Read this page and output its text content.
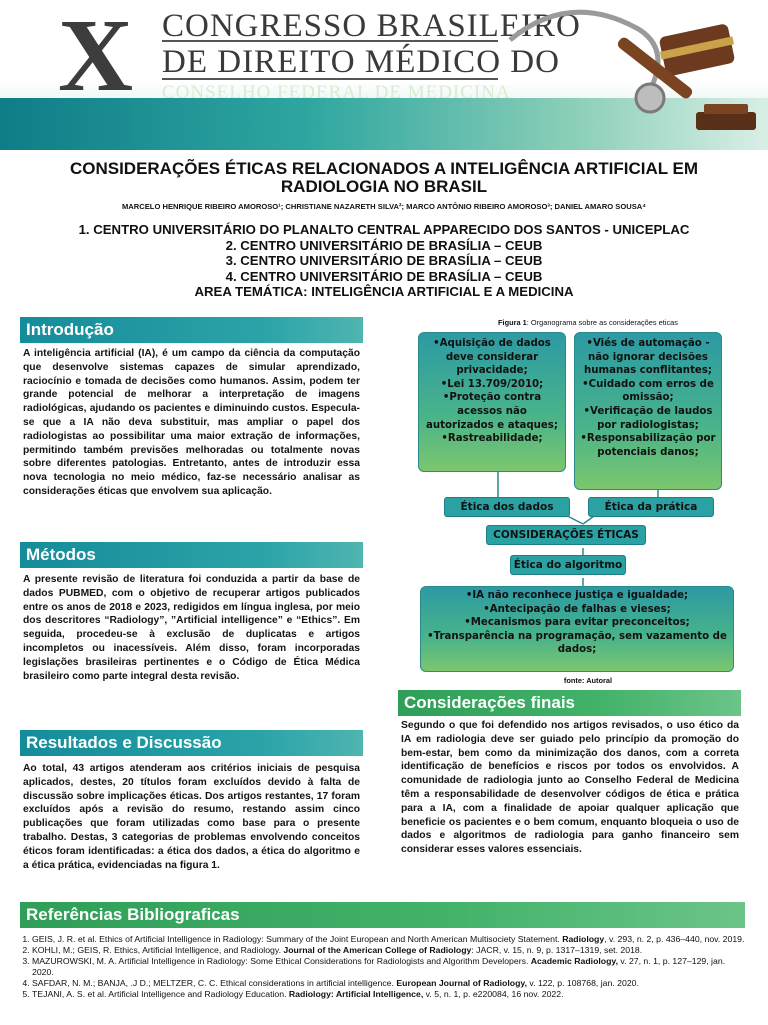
X CONGRESSO BRASILEIRO
DE DIREITO MÉDICO DO
CONSELHO FEDERAL DE MEDICINA
CONSIDERAÇÕES ÉTICAS RELACIONADOS A INTELIGÊNCIA ARTIFICIAL EM RADIOLOGIA NO BRASIL
MARCELO HENRIQUE RIBEIRO AMOROSO¹; CHRISTIANE NAZARETH SILVA²; MARCO ANTÔNIO RIBEIRO AMOROSO³; DANIEL AMARO SOUSA⁴
1. CENTRO UNIVERSITÁRIO DO PLANALTO CENTRAL APPARECIDO DOS SANTOS - UNICEPLAC
2. CENTRO UNIVERSITÁRIO DE BRASÍLIA – CEUB
3. CENTRO UNIVERSITÁRIO DE BRASÍLIA – CEUB
4. CENTRO UNIVERSITÁRIO DE BRASÍLIA – CEUB
AREA TEMÁTICA: INTELIGÊNCIA ARTIFICIAL E A MEDICINA
Introdução
A inteligência artificial (IA), é um campo da ciência da computação que desenvolve sistemas capazes de simular aprendizado, raciocínio e tomada de decisões como humanos. Assim, podem ter grande potencial de melhorar a interpretação de imagens radiológicas, ajudando os pacientes e diminuindo custos. Especula-se que a IA não deva substituir, mas ampliar o papel dos radiologistas ao possibilitar uma maior extração de informações, permitindo também previsões melhoradas ou totalmente novas sobre diferentes patologias. Entretanto, antes de introduzir essa nova tecnologia no meio médico, faz-se necessário analisar as considerações éticas que envolvem sua aplicação.
Métodos
A presente revisão de literatura foi conduzida a partir da base de dados PUBMED, com o objetivo de recuperar artigos publicados entre os anos de 2018 e 2023, redigidos em língua inglesa, por meio dos descritores “Radiology”, ”Artificial intelligence” e “Ethics”. Em seguida, procedeu-se à exclusão de duplicatas e artigos incompletos ou inacessíveis. Além disso, foram incorporadas legislações brasileiras pertinentes e o Código de Ética Médica brasileiro como parte integral desta revisão.
Resultados e Discussão
Ao total, 43 artigos atenderam aos critérios iniciais de pesquisa aplicados, destes, 20 títulos foram excluídos devido à falta de discussão sobre implicações éticas. Dos artigos restantes, 17 foram excluídos após a revisão do resumo, restando assim cinco publicações que foram utilizadas como base para o presente trabalho. Destas, 3 categorias de problemas envolvendo conceitos éticos foram identificadas: a ética dos dados, a ética do algoritmo e a ética prática, evidenciadas na figura 1.
Figura 1: Organograma sobre as considerações eticas
• Aquisição de dados deve considerar privacidade;
• Lei 13.709/2010;
• Proteção contra acessos não autorizados e ataques;
• Rastreabilidade;
• Viés de automação - não ignorar decisões humanas conflitantes;
• Cuidado com erros de omissão;
• Verificação de laudos por radiologistas;
• Responsabilização por potenciais danos;
Ética dos dados	Ética da prática
CONSIDERAÇÕES ÉTICAS
Ética do algoritmo
• IA não reconhece justiça e igualdade;
• Antecipação de falhas e vieses;
• Mecanismos para evitar preconceitos;
• Transparência na programação, sem vazamento de dados;
fonte: Autoral
Considerações finais
Segundo o que foi defendido nos artigos revisados, o uso ético da IA em radiologia deve ser guiado pelo princípio da promoção do bem-estar, bem como da minimização dos danos, com a correta identificação de benefícios e riscos por todos os envolvidos. A comunidade de radiologia junto ao Conselho Federal de Medicina têm a responsabilidade de desenvolver códigos de ética e prática para a IA, com a finalidade de apoiar qualquer aplicação que beneficie os pacientes e o bem comum, enquanto bloqueia o uso de dados e algoritmos de radiologia para ganho financeiro sem considerar esses valores essenciais.
Referências Bibliograficas
1. GEIS, J. R. et al. Ethics of Artificial Intelligence in Radiology: Summary of the Joint European and North American Multisociety Statement. Radiology, v. 293, n. 2, p. 436–440, nov. 2019.
2. KOHLI, M.; GEIS, R. Ethics, Artificial Intelligence, and Radiology. Journal of the American College of Radiology: JACR, v. 15, n. 9, p. 1317–1319, set. 2018.
3. MAZUROWSKI, M. A. Artificial Intelligence in Radiology: Some Ethical Considerations for Radiologists and Algorithm Developers. Academic Radiology, v. 27, n. 1, p. 127–129, jan. 2020.
4. SAFDAR, N. M.; BANJA, .J D.; MELTZER, C. C. Ethical considerations in artificial intelligence. European Journal of Radiology, v. 122, p. 108768, jan. 2020.
5. TEJANI, A. S. et al. Artificial Intelligence and Radiology Education. Radiology: Artificial Intelligence, v. 5, n. 1, p. e220084, 16 nov. 2022.
